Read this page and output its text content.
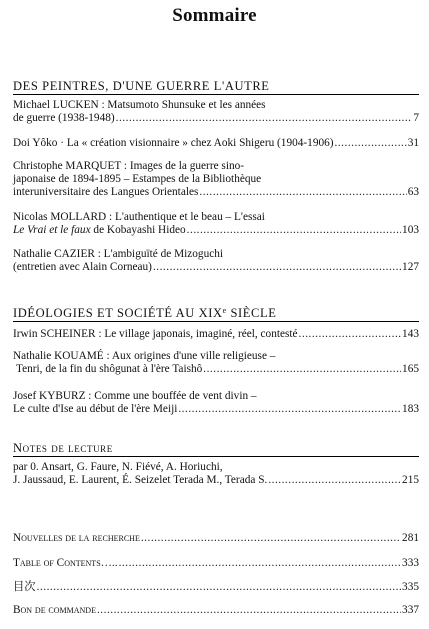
Sommaire
DES PEINTRES, D'UNE GUERRE L'AUTRE
Michael LUCKEN : Matsumoto Shunsuke et les années
de guerre (1938-1948) .....	7
Doi Yôko · La « création visionnaire » chez Aoki Shigeru (1904-1906) .....	31
Christophe MARQUET : Images de la guerre sino-
japonaise de 1894-1895 – Estampes de la Bibliothèque
interuniversitaire des Langues Orientales .....	63
Nicolas MOLLARD : L'authentique et le beau – L'essai
Le Vrai et le faux de Kobayashi Hideo .....	103
Nathalie CAZIER : L'ambiguïté de Mizoguchi
(entretien avec Alain Corneau) .....	127
IDÉOLOGIES ET SOCIÉTÉ AU XIXe SIÈCLE
Irwin SCHEINER : Le village japonais, imaginé, réel, contesté .....	143
Nathalie KOUAMÉ : Aux origines d'une ville religieuse –
Tenri, de la fin du shôgunat à l'ère Taishô .....	165
Josef KYBURZ : Comme une bouffée de vent divin –
Le culte d'Ise au début de l'ère Meiji .....	183
Notes de lecture
par 0. Ansart, G. Faure, N. Fiévé, A. Horiuchi,
J. Jaussaud, E. Laurent, É. Seizelet Terada M., Terada S. .....	215
Nouvelles de la recherche .....	281
Table of Contents….. .....	333
目次 .....	335
Bon de commande .....	337
